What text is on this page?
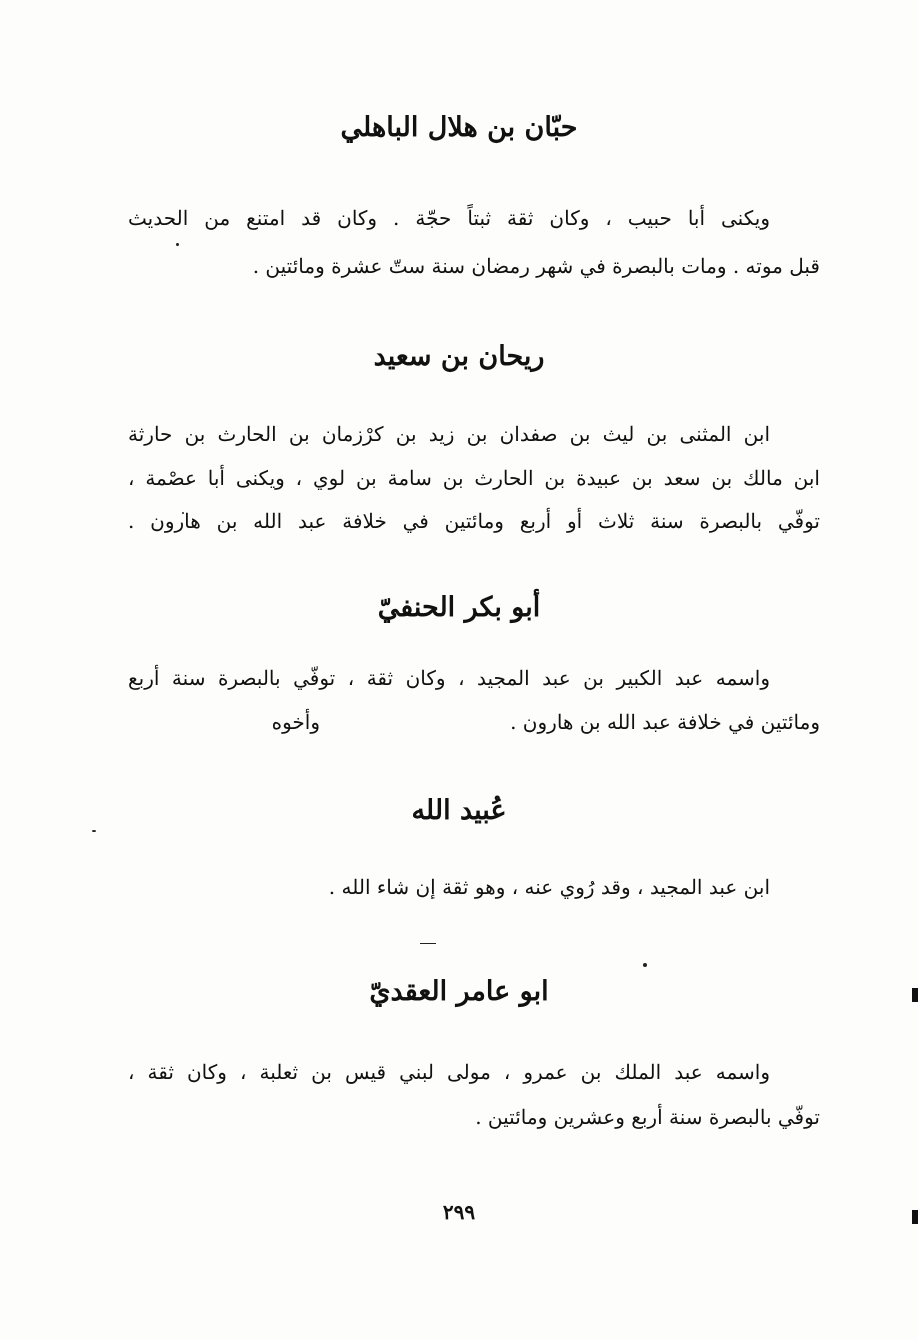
حبّان بن هلال الباهلي

ويكنى أبا حبيب ، وكان ثقة ثبتاً حجّة . وكان قد امتنع من الحديث

قبل موته . ومات بالبصرة في شهر رمضان سنة ستّ عشرة ومائتين .

ريحان بن سعيد

ابن المثنى بن ليث بن صفدان بن زيد بن كرْزمان بن الحارث بن حارثة

ابن مالك بن سعد بن عبيدة بن الحارث بن سامة بن لوي ، ويكنى أبا عصْمة ،

توفّي بالبصرة سنة ثلاث أو أربع ومائتين في خلافة عبد الله بن هارون .

أبو بكر الحنفيّ

واسمه عبد الكبير بن عبد المجيد ، وكان ثقة ، توفّي بالبصرة سنة أربع

ومائتين في خلافة عبد الله بن هارون .
وأخوه
عُبيد الله

ابن عبد المجيد ، وقد رُوي عنه ، وهو ثقة إن شاء الله .

ابو عامر العقديّ

واسمه عبد الملك بن عمرو ، مولى لبني قيس بن ثعلبة ، وكان ثقة ،

توفّي بالبصرة سنة أربع وعشرين ومائتين .

٢٩٩
